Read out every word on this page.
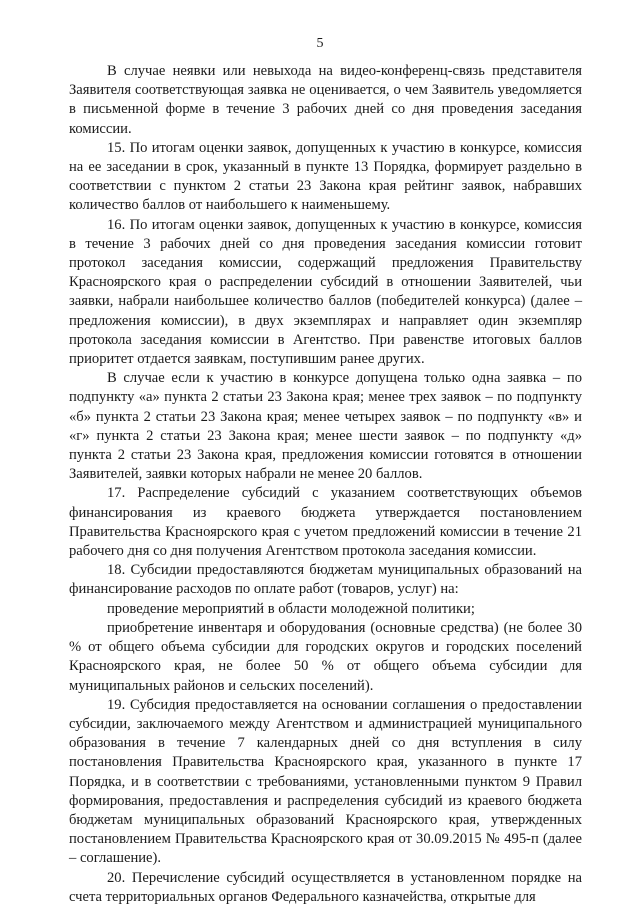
5

В случае неявки или невыхода на видео-конференц-связь представителя Заявителя соответствующая заявка не оценивается, о чем Заявитель уведомляется в письменной форме в течение 3 рабочих дней со дня проведения заседания комиссии.

15. По итогам оценки заявок, допущенных к участию в конкурсе, комиссия на ее заседании в срок, указанный в пункте 13 Порядка, формирует раздельно в соответствии с пунктом 2 статьи 23 Закона края рейтинг заявок, набравших количество баллов от наибольшего к наименьшему.

16. По итогам оценки заявок, допущенных к участию в конкурсе, комиссия в течение 3 рабочих дней со дня проведения заседания комиссии готовит протокол заседания комиссии, содержащий предложения Правительству Красноярского края о распределении субсидий в отношении Заявителей, чьи заявки, набрали наибольшее количество баллов (победителей конкурса) (далее – предложения комиссии), в двух экземплярах и направляет один экземпляр протокола заседания комиссии в Агентство. При равенстве итоговых баллов приоритет отдается заявкам, поступившим ранее других.

В случае если к участию в конкурсе допущена только одна заявка – по подпункту «а» пункта 2 статьи 23 Закона края; менее трех заявок – по подпункту «б» пункта 2 статьи 23 Закона края; менее четырех заявок – по подпункту «в» и «г» пункта 2 статьи 23 Закона края; менее шести заявок – по подпункту «д» пункта 2 статьи 23 Закона края, предложения комиссии готовятся в отношении Заявителей, заявки которых набрали не менее 20 баллов.

17. Распределение субсидий с указанием соответствующих объемов финансирования из краевого бюджета утверждается постановлением Правительства Красноярского края с учетом предложений комиссии в течение 21 рабочего дня со дня получения Агентством протокола заседания комиссии.

18. Субсидии предоставляются бюджетам муниципальных образований на финансирование расходов по оплате работ (товаров, услуг) на:

проведение мероприятий в области молодежной политики;

приобретение инвентаря и оборудования (основные средства) (не более 30 % от общего объема субсидии для городских округов и городских поселений Красноярского края, не более 50 % от общего объема субсидии для муниципальных районов и сельских поселений).

19. Субсидия предоставляется на основании соглашения о предоставлении субсидии, заключаемого между Агентством и администрацией муниципального образования в течение 7 календарных дней со дня вступления в силу постановления Правительства Красноярского края, указанного в пункте 17 Порядка, и в соответствии с требованиями, установленными пунктом 9 Правил формирования, предоставления и распределения субсидий из краевого бюджета бюджетам муниципальных образований Красноярского края, утвержденных постановлением Правительства Красноярского края от 30.09.2015 № 495-п (далее – соглашение).

20. Перечисление субсидий осуществляется в установленном порядке на счета территориальных органов Федерального казначейства, открытые для
